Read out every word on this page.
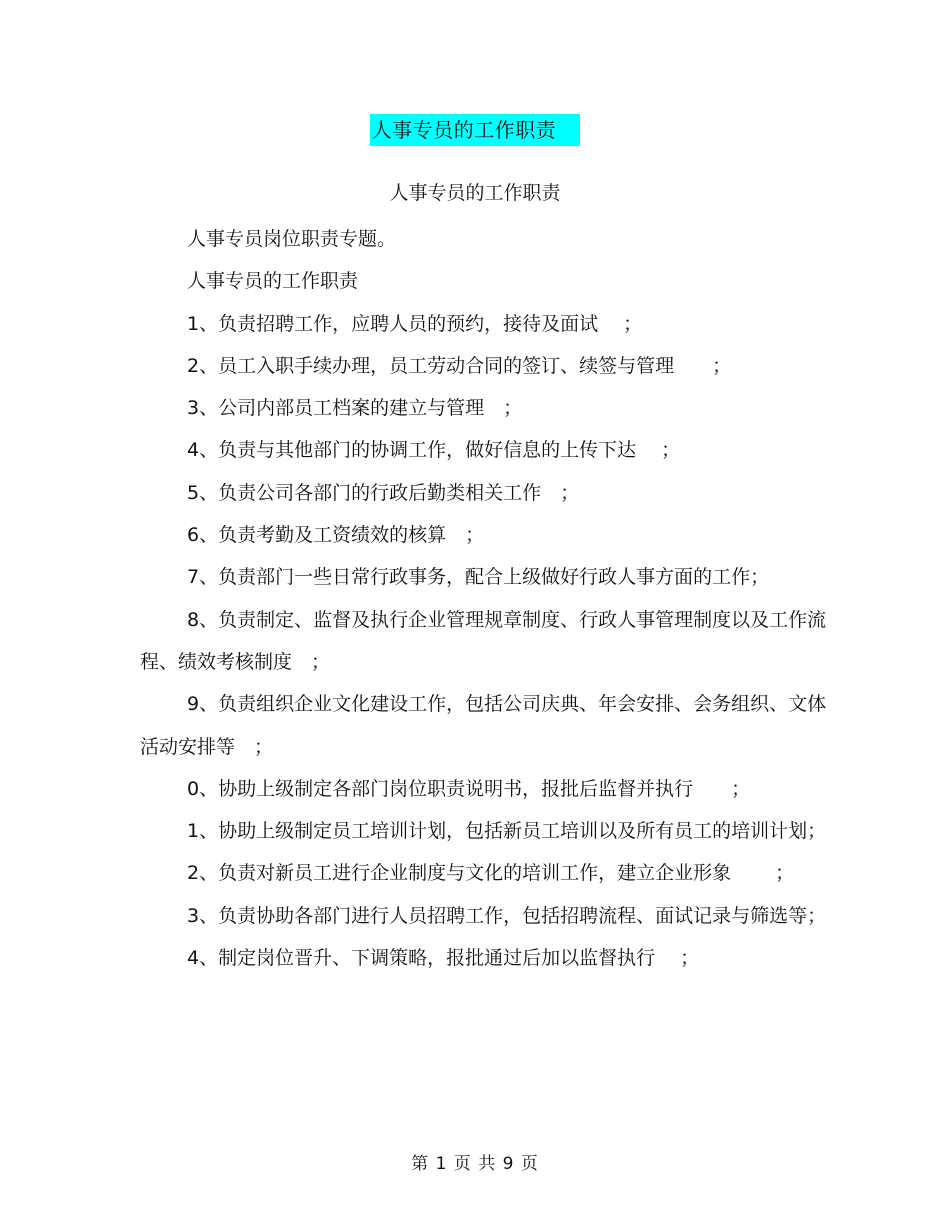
人事专员的工作职责
人事专员的工作职责

人事专员岗位职责专题。

人事专员的工作职责

1、负责招聘工作，应聘人员的预约，接待及面试　 ；

2、员工入职手续办理，员工劳动合同的签订、续签与管理　　；

3、公司内部员工档案的建立与管理　；

4、负责与其他部门的协调工作，做好信息的上传下达　 ；

5、负责公司各部门的行政后勤类相关工作　；

6、负责考勤及工资绩效的核算　；

7、负责部门一些日常行政事务，配合上级做好行政人事方面的工作；

8、负责制定、监督及执行企业管理规章制度、行政人事管理制度以及工作流程、绩效考核制度　；

9、负责组织企业文化建设工作，包括公司庆典、年会安排、会务组织、文体活动安排等　；

0、协助上级制定各部门岗位职责说明书，报批后监督并执行　　；

1、协助上级制定员工培训计划，包括新员工培训以及所有员工的培训计划；

2、负责对新员工进行企业制度与文化的培训工作，建立企业形象　　 ；

3、负责协助各部门进行人员招聘工作，包括招聘流程、面试记录与筛选等；

4、制定岗位晋升、下调策略，报批通过后加以监督执行　 ；

第 1 页 共 9 页
